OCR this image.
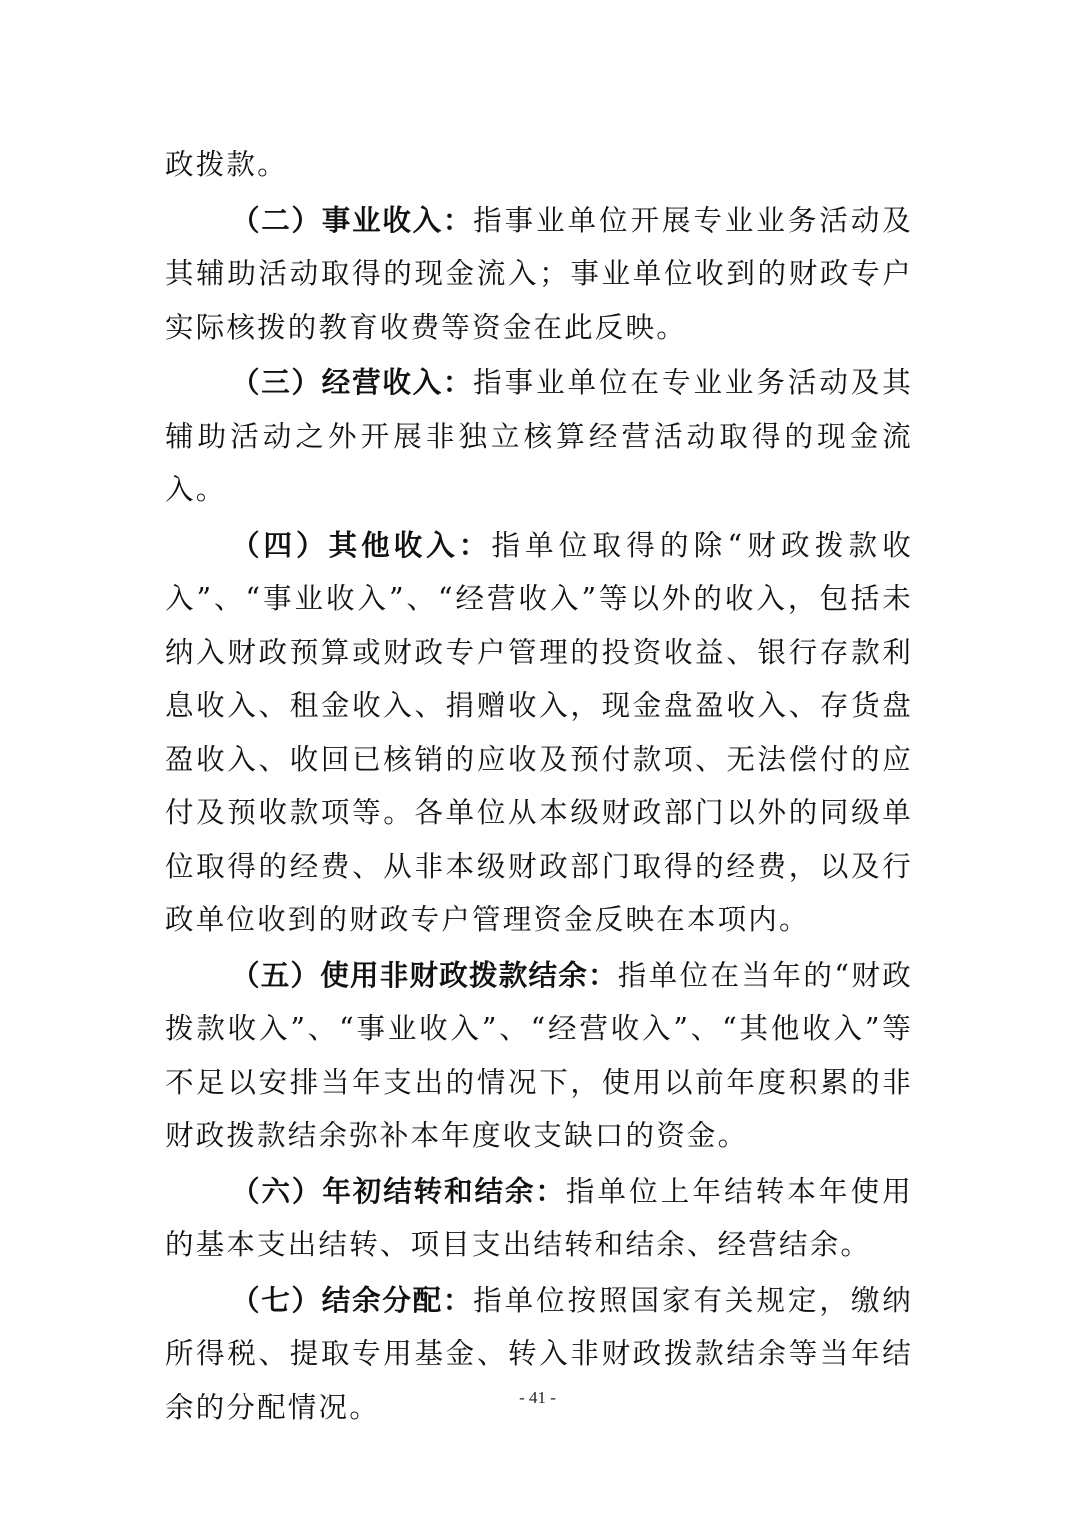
政拨款。

（二）事业收入：指事业单位开展专业业务活动及其辅助活动取得的现金流入；事业单位收到的财政专户实际核拨的教育收费等资金在此反映。

（三）经营收入：指事业单位在专业业务活动及其辅助活动之外开展非独立核算经营活动取得的现金流入。

（四）其他收入：指单位取得的除“财政拨款收入”、“事业收入”、“经营收入”等以外的收入，包括未纳入财政预算或财政专户管理的投资收益、银行存款利息收入、租金收入、捐赠收入，现金盘盈收入、存货盘盈收入、收回已核销的应收及预付款项、无法偿付的应付及预收款项等。各单位从本级财政部门以外的同级单位取得的经费、从非本级财政部门取得的经费，以及行政单位收到的财政专户管理资金反映在本项内。

（五）使用非财政拨款结余：指单位在当年的“财政拨款收入”、“事业收入”、“经营收入”、“其他收入”等不足以安排当年支出的情况下，使用以前年度积累的非财政拨款结余弥补本年度收支缺口的资金。

（六）年初结转和结余：指单位上年结转本年使用的基本支出结转、项目支出结转和结余、经营结余。

（七）结余分配：指单位按照国家有关规定，缴纳所得税、提取专用基金、转入非财政拨款结余等当年结余的分配情况。	- 41 -
